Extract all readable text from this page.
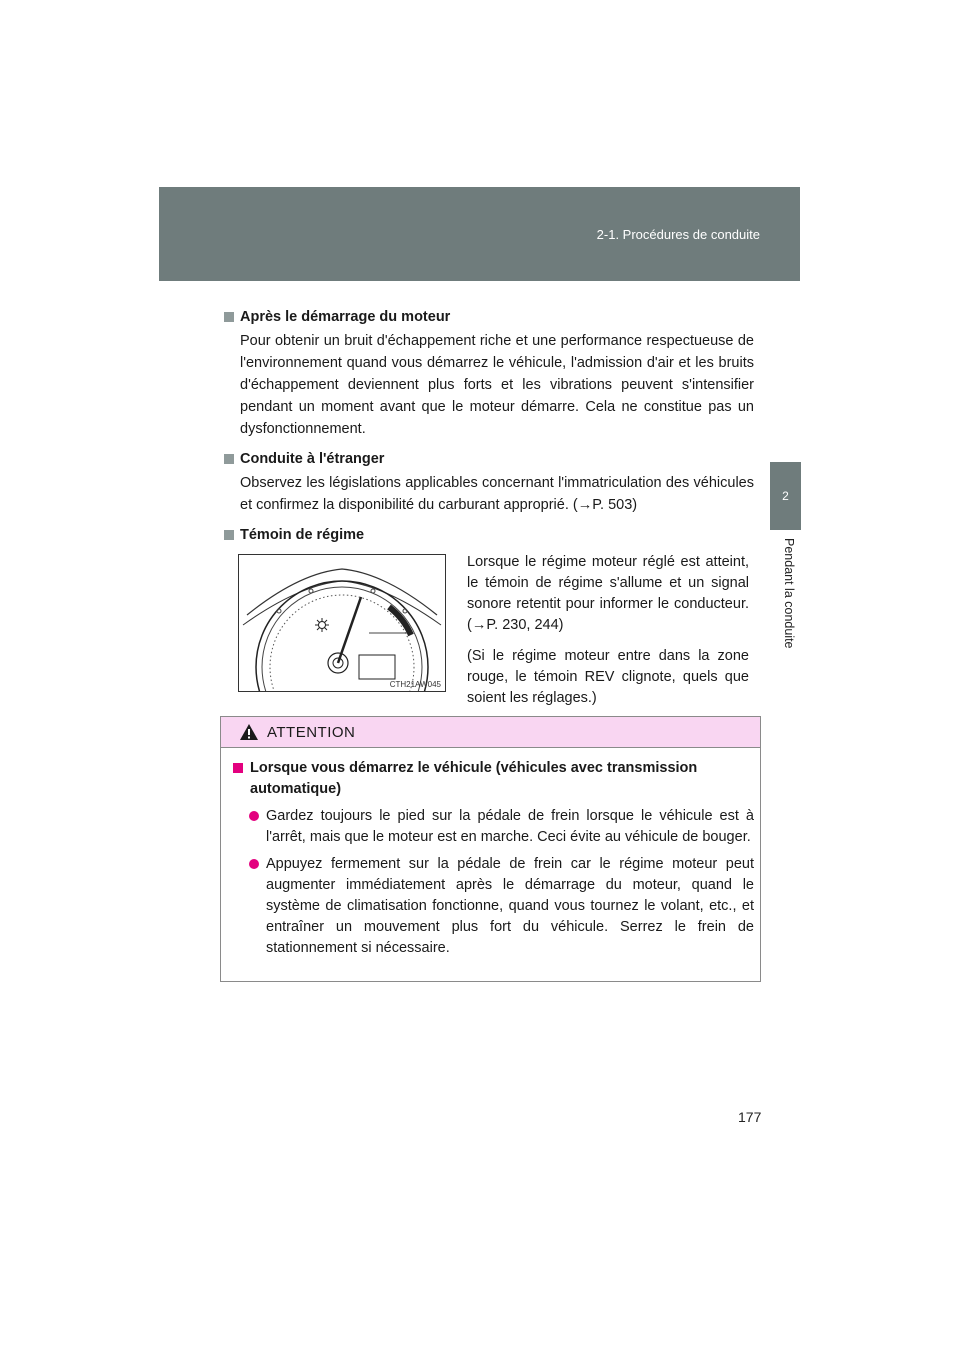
2-1. Procédures de conduite
2
Pendant la conduite
Après le démarrage du moteur

Pour obtenir un bruit d'échappement riche et une performance respectueuse de l'environnement quand vous démarrez le véhicule, l'admission d'air et les bruits d'échappement deviennent plus forts et les vibrations peuvent s'intensifier pendant un moment avant que le moteur démarre. Cela ne constitue pas un dysfonctionnement.

Conduite à l'étranger

Observez les législations applicables concernant l'immatriculation des véhicules et confirmez la disponibilité du carburant approprié. (→P. 503)

Témoin de régime
CTH21AW045

Lorsque le régime moteur réglé est atteint, le témoin de régime s'allume et un signal sonore retentit pour informer le conducteur. (→P. 230, 244)

(Si le régime moteur entre dans la zone rouge, le témoin REV clignote, quels que soient les réglages.)

ATTENTION
Lorsque vous démarrez le véhicule (véhicules avec transmission automatique)
Gardez toujours le pied sur la pédale de frein lorsque le véhicule est à l'arrêt, mais que le moteur est en marche. Ceci évite au véhicule de bouger.
Appuyez fermement sur la pédale de frein car le régime moteur peut augmenter immédiatement après le démarrage du moteur, quand le système de climatisation fonctionne, quand vous tournez le volant, etc., et entraîner un mouvement plus fort du véhicule. Serrez le frein de stationnement si nécessaire.
177
